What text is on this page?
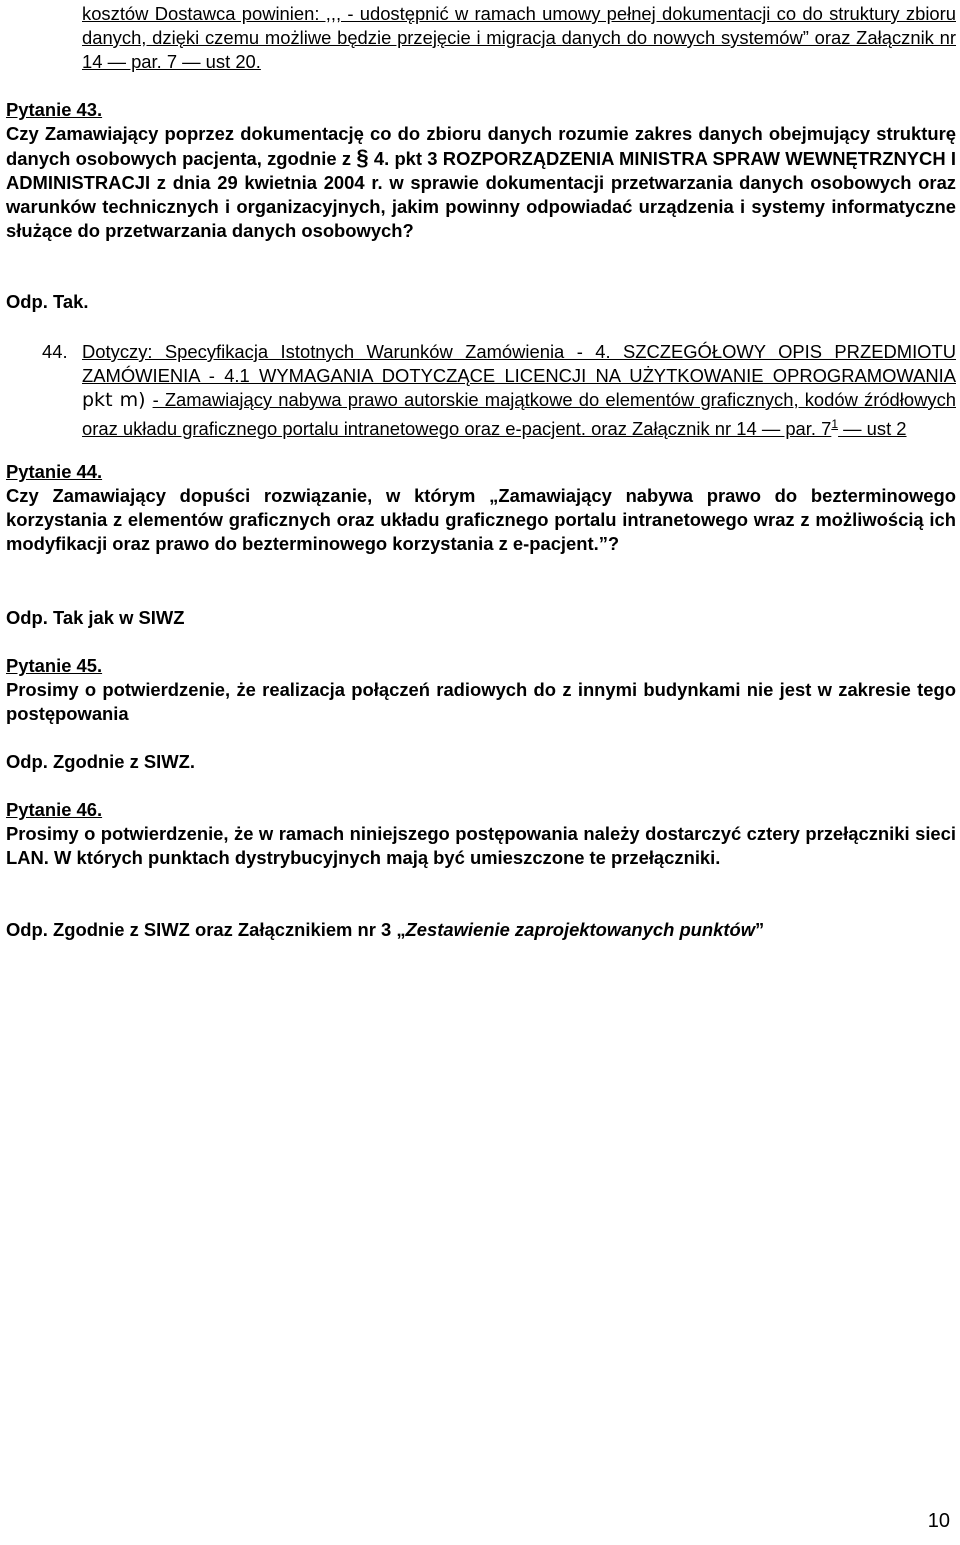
kosztów Dostawca powinien: ,,, - udostępnić w ramach umowy pełnej dokumentacji co do struktury zbioru danych, dzięki czemu możliwe będzie przejęcie i migracja danych do nowych systemów” oraz Załącznik nr 14 — par. 7 — ust 20.
Pytanie 43.
Czy Zamawiający poprzez dokumentację co do zbioru danych rozumie zakres danych obejmujący strukturę danych osobowych pacjenta, zgodnie z § 4. pkt 3 ROZPORZĄDZENIA MINISTRA SPRAW WEWNĘTRZNYCH I ADMINISTRACJI z dnia 29 kwietnia 2004 r. w sprawie dokumentacji przetwarzania danych osobowych oraz warunków technicznych i organizacyjnych, jakim powinny odpowiadać urządzenia i systemy informatyczne służące do przetwarzania danych osobowych?
Odp. Tak.
44. Dotyczy: Specyfikacja Istotnych Warunków Zamówienia - 4. SZCZEGÓŁOWY OPIS PRZEDMIOTU ZAMÓWIENIA - 4.1 WYMAGANIA DOTYCZĄCE LICENCJI NA UŻYTKOWANIE OPROGRAMOWANIA pkt m) - Zamawiający nabywa prawo autorskie majątkowe do elementów graficznych, kodów źródłowych oraz układu graficznego portalu intranetowego oraz e-pacjent. oraz Załącznik nr 14 — par. $7^1$ — ust 2
Pytanie 44.
Czy Zamawiający dopuści rozwiązanie, w którym „Zamawiający nabywa prawo do bezterminowego korzystania z elementów graficznych oraz układu graficznego portalu intranetowego wraz z możliwością ich modyfikacji oraz prawo do bezterminowego korzystania z e-pacjent.”?
Odp. Tak jak w SIWZ
Pytanie 45.
Prosimy o potwierdzenie, że realizacja połączeń radiowych do z innymi budynkami nie jest w zakresie tego postępowania
Odp. Zgodnie z SIWZ.
Pytanie 46.
Prosimy o potwierdzenie, że w ramach niniejszego postępowania należy dostarczyć cztery przełączniki sieci LAN. W których punktach dystrybucyjnych mają być umieszczone te przełączniki.
Odp. Zgodnie z SIWZ oraz Załącznikiem nr 3 „Zestawienie zaprojektowanych punktów”
10
